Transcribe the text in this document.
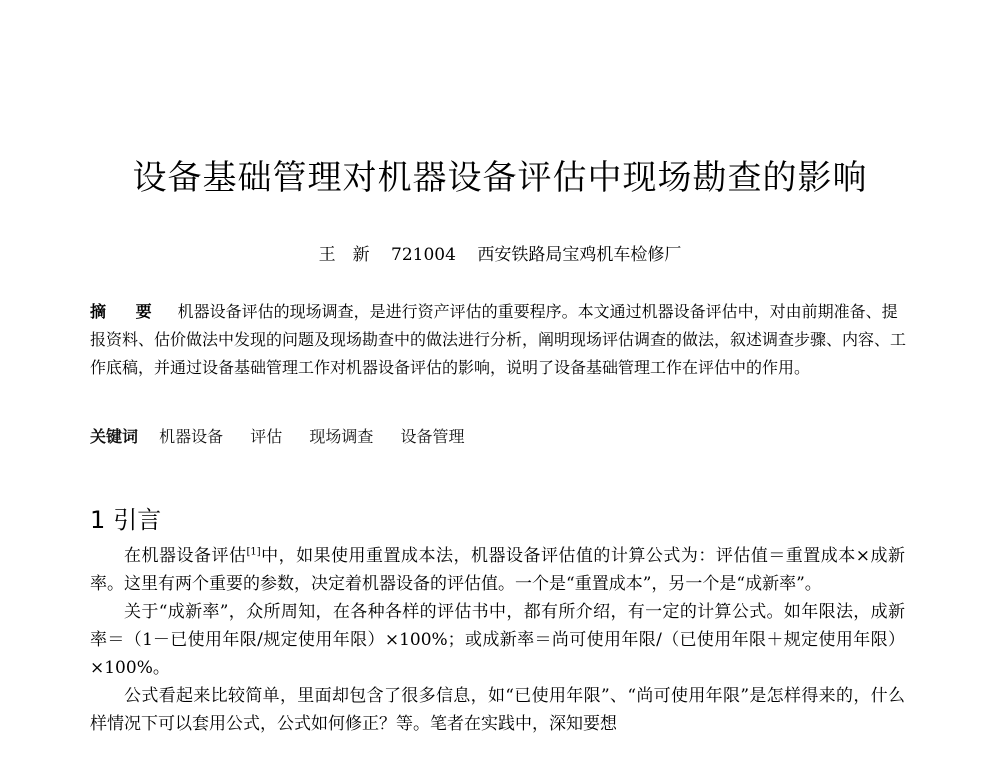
设备基础管理对机器设备评估中现场勘查的影响
王　新 721004 西安铁路局宝鸡机车检修厂
摘 要 机器设备评估的现场调查，是进行资产评估的重要程序。本文通过机器设备评估中，对由前期准备、提报资料、估价做法中发现的问题及现场勘查中的做法进行分析，阐明现场评估调查的做法，叙述调查步骤、内容、工作底稿，并通过设备基础管理工作对机器设备评估的影响，说明了设备基础管理工作在评估中的作用。
关键词 机器设备 评估 现场调查 设备管理
1 引言

在机器设备评估[1]中，如果使用重置成本法，机器设备评估值的计算公式为：评估值＝重置成本×成新率。这里有两个重要的参数，决定着机器设备的评估值。一个是“重置成本”，另一个是“成新率”。

关于“成新率”，众所周知，在各种各样的评估书中，都有所介绍，有一定的计算公式。如年限法，成新率＝（1－已使用年限/规定使用年限）×100%；或成新率＝尚可使用年限/（已使用年限＋规定使用年限）×100%。

公式看起来比较简单，里面却包含了很多信息，如“已使用年限”、“尚可使用年限”是怎样得来的，什么样情况下可以套用公式，公式如何修正？等。笔者在实践中，深知要想
